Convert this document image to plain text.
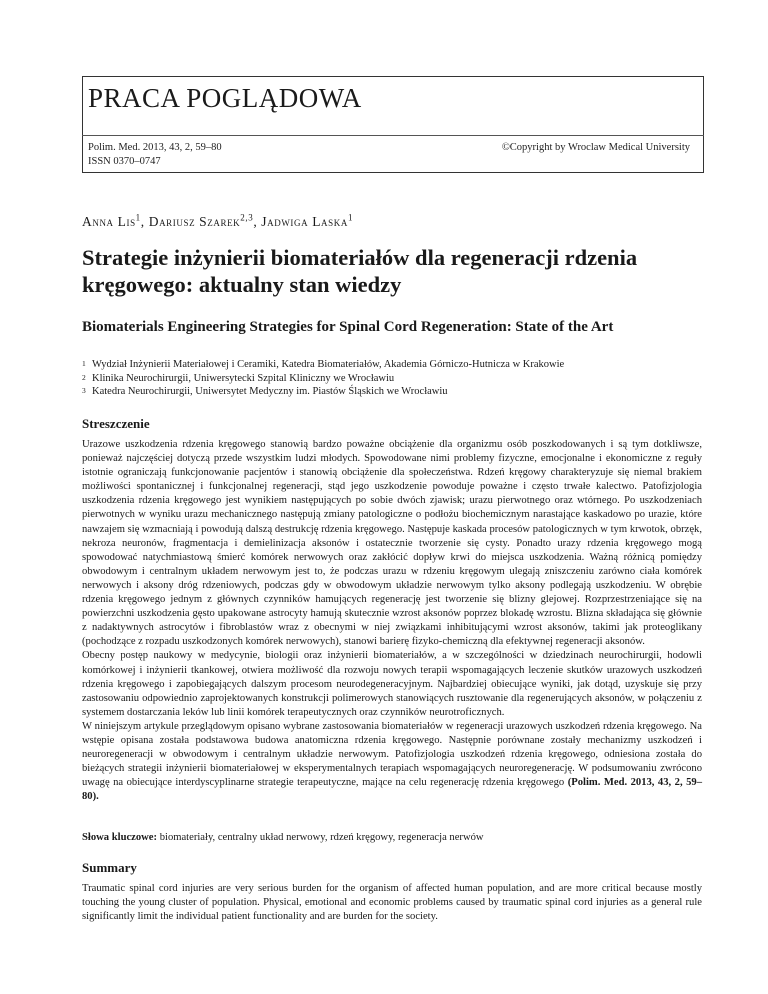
PRACA POGLĄDOWA
Polim. Med. 2013, 43, 2, 59–80
ISSN 0370–0747
©Copyright by Wroclaw Medical University
Anna Lis$^1$, Dariusz Szarek$^{2,3}$, Jadwiga Laska$^1$
Strategie inżynierii biomateriałów dla regeneracji rdzenia kręgowego: aktualny stan wiedzy
Biomaterials Engineering Strategies for Spinal Cord Regeneration: State of the Art
1 Wydział Inżynierii Materiałowej i Ceramiki, Katedra Biomateriałów, Akademia Górniczo-Hutnicza w Krakowie
2 Klinika Neurochirurgii, Uniwersytecki Szpital Kliniczny we Wrocławiu
3 Katedra Neurochirurgii, Uniwersytet Medyczny im. Piastów Śląskich we Wrocławiu
Streszczenie

Urazowe uszkodzenia rdzenia kręgowego stanowią bardzo poważne obciążenie dla organizmu osób poszkodowanych i są tym dotkliwsze, ponieważ najczęściej dotyczą przede wszystkim ludzi młodych. Spowodowane nimi problemy fizyczne, emocjonalne i ekonomiczne z reguły istotnie ograniczają funkcjonowanie pacjentów i stanowią obciążenie dla społeczeństwa. Rdzeń kręgowy charakteryzuje się niemal brakiem możliwości spontanicznej i funkcjonalnej regeneracji, stąd jego uszkodzenie powoduje poważne i często trwałe kalectwo. Patofizjologia uszkodzenia rdzenia kręgowego jest wynikiem następujących po sobie dwóch zjawisk; urazu pierwotnego oraz wtórnego. Po uszkodzeniach pierwotnych w wyniku urazu mechanicznego następują zmiany patologiczne o podłożu biochemicznym narastające kaskadowo po urazie, które nawzajem się wzmacniają i powodują dalszą destrukcję rdzenia kręgowego. Następuje kaskada procesów patologicznych w tym krwotok, obrzęk, nekroza neuronów, fragmentacja i demielinizacja aksonów i ostatecznie tworzenie się cysty. Ponadto urazy rdzenia kręgowego mogą spowodować natychmiastową śmierć komórek nerwowych oraz zakłócić dopływ krwi do miejsca uszkodzenia. Ważną różnicą pomiędzy obwodowym i centralnym układem nerwowym jest to, że podczas urazu w rdzeniu kręgowym ulegają zniszczeniu zarówno ciała komórek nerwowych i aksony dróg rdzeniowych, podczas gdy w obwodowym układzie nerwowym tylko aksony podlegają uszkodzeniu. W obrębie rdzenia kręgowego jednym z głównych czynników hamujących regenerację jest tworzenie się blizny glejowej. Rozprzestrzeniające się na powierzchni uszkodzenia gęsto upakowane astrocyty hamują skutecznie wzrost aksonów poprzez blokadę wzrostu. Blizna składająca się głównie z nadaktywnych astrocytów i fibroblastów wraz z obecnymi w niej związkami inhibitującymi wzrost aksonów, takimi jak proteoglikany (pochodzące z rozpadu uszkodzonych komórek nerwowych), stanowi barierę fizyko-chemiczną dla efektywnej regeneracji aksonów.

Obecny postęp naukowy w medycynie, biologii oraz inżynierii biomateriałów, a w szczególności w dziedzinach neurochirurgii, hodowli komórkowej i inżynierii tkankowej, otwiera możliwość dla rozwoju nowych terapii wspomagających leczenie skutków urazowych uszkodzeń rdzenia kręgowego i zapobiegających dalszym procesom neurodegeneracyjnym. Najbardziej obiecujące wyniki, jak dotąd, uzyskuje się przy zastosowaniu odpowiednio zaprojektowanych konstrukcji polimerowych stanowiących rusztowanie dla regenerujących aksonów, w połączeniu z systemem dostarczania leków lub linii komórek terapeutycznych oraz czynników neurotroficznych.

W niniejszym artykule przeglądowym opisano wybrane zastosowania biomateriałów w regeneracji urazowych uszkodzeń rdzenia kręgowego. Na wstępie opisana została podstawowa budowa anatomiczna rdzenia kręgowego. Następnie porównane zostały mechanizmy uszkodzeń i neuroregeneracji w obwodowym i centralnym układzie nerwowym. Patofizjologia uszkodzeń rdzenia kręgowego, odniesiona została do bieżących strategii inżynierii biomateriałowej w eksperymentalnych terapiach wspomagających neuroregenerację. W podsumowaniu zwrócono uwagę na obiecujące interdyscyplinarne strategie terapeutyczne, mające na celu regenerację rdzenia kręgowego (Polim. Med. 2013, 43, 2, 59–80).

Słowa kluczowe: biomateriały, centralny układ nerwowy, rdzeń kręgowy, regeneracja nerwów

Summary

Traumatic spinal cord injuries are very serious burden for the organism of affected human population, and are more critical because mostly touching the young cluster of population. Physical, emotional and economic problems caused by traumatic spinal cord injuries as a general rule significantly limit the individual patient functionality and are burden for the society.
